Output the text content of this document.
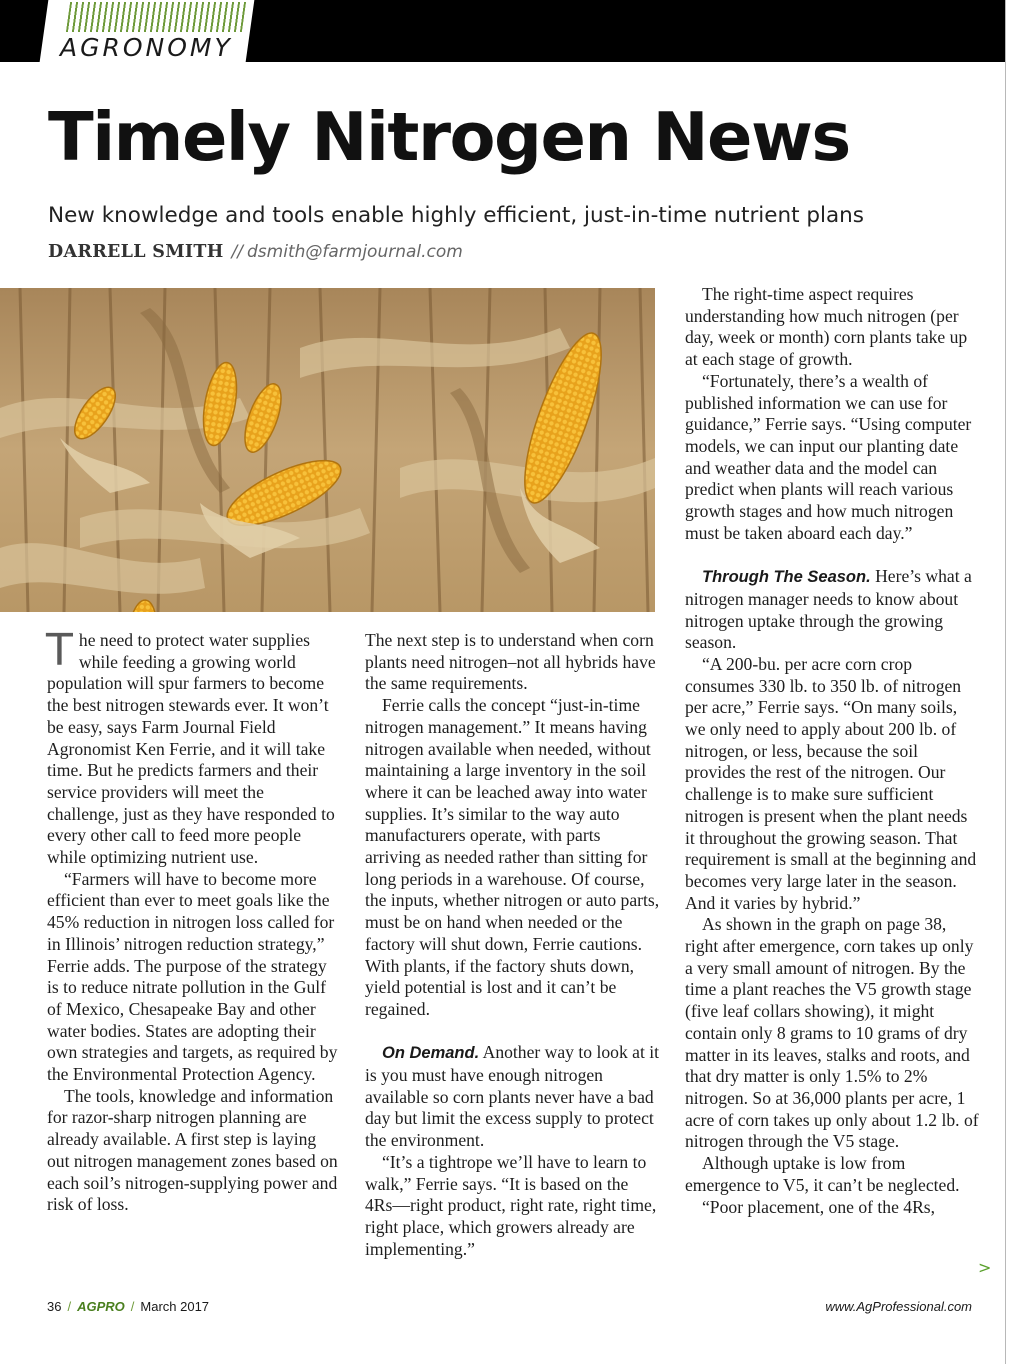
AGRONOMY
Timely Nitrogen News
New knowledge and tools enable highly efficient, just-in-time nutrient plans
DARRELL SMITH // dsmith@farmjournal.com

The need to protect water supplies while feeding a growing world population will spur farmers to become the best nitrogen stewards ever. It won’t be easy, says Farm Journal Field Agronomist Ken Ferrie, and it will take time. But he predicts farmers and their service providers will meet the challenge, just as they have responded to every other call to feed more people while optimizing nutrient use.

“Farmers will have to become more efficient than ever to meet goals like the 45% reduction in nitrogen loss called for in Illinois’ nitrogen reduction strategy,” Ferrie adds. The purpose of the strategy is to reduce nitrate pollution in the Gulf of Mexico, Chesapeake Bay and other water bodies. States are adopting their own strategies and targets, as required by the Environmental Protection Agency.

The tools, knowledge and information for razor-sharp nitrogen planning are already available. A first step is laying out nitrogen management zones based on each soil’s nitrogen-supplying power and risk of loss.

The next step is to understand when corn plants need nitrogen–not all hybrids have the same requirements.

Ferrie calls the concept “just-in-time nitrogen management.” It means having nitrogen available when needed, without maintaining a large inventory in the soil where it can be leached away into water supplies. It’s similar to the way auto manufacturers operate, with parts arriving as needed rather than sitting for long periods in a warehouse. Of course, the inputs, whether nitrogen or auto parts, must be on hand when needed or the factory will shut down, Ferrie cautions. With plants, if the factory shuts down, yield potential is lost and it can’t be regained.

On Demand. Another way to look at it is you must have enough nitrogen available so corn plants never have a bad day but limit the excess supply to protect the environment.

“It’s a tightrope we’ll have to learn to walk,” Ferrie says. “It is based on the 4Rs—right product, right rate, right time, right place, which growers already are implementing.”

The right-time aspect requires understanding how much nitrogen (per day, week or month) corn plants take up at each stage of growth.

“Fortunately, there’s a wealth of published information we can use for guidance,” Ferrie says. “Using computer models, we can input our planting date and weather data and the model can predict when plants will reach various growth stages and how much nitrogen must be taken aboard each day.”

Through The Season. Here’s what a nitrogen manager needs to know about nitrogen uptake through the growing season.

“A 200-bu. per acre corn crop consumes 330 lb. to 350 lb. of nitrogen per acre,” Ferrie says. “On many soils, we only need to apply about 200 lb. of nitrogen, or less, because the soil provides the rest of the nitrogen. Our challenge is to make sure sufficient nitrogen is present when the plant needs it throughout the growing season. That requirement is small at the beginning and becomes very large later in the season. And it varies by hybrid.”

As shown in the graph on page 38, right after emergence, corn takes up only a very small amount of nitrogen. By the time a plant reaches the V5 growth stage (five leaf collars showing), it might contain only 8 grams to 10 grams of dry matter in its leaves, stalks and roots, and that dry matter is only 1.5% to 2% nitrogen. So at 36,000 plants per acre, 1 acre of corn takes up only about 1.2 lb. of nitrogen through the V5 stage.

Although uptake is low from emergence to V5, it can’t be neglected.

“Poor placement, one of the 4Rs,

>
36 / AGPRO / March 2017	www.AgProfessional.com
